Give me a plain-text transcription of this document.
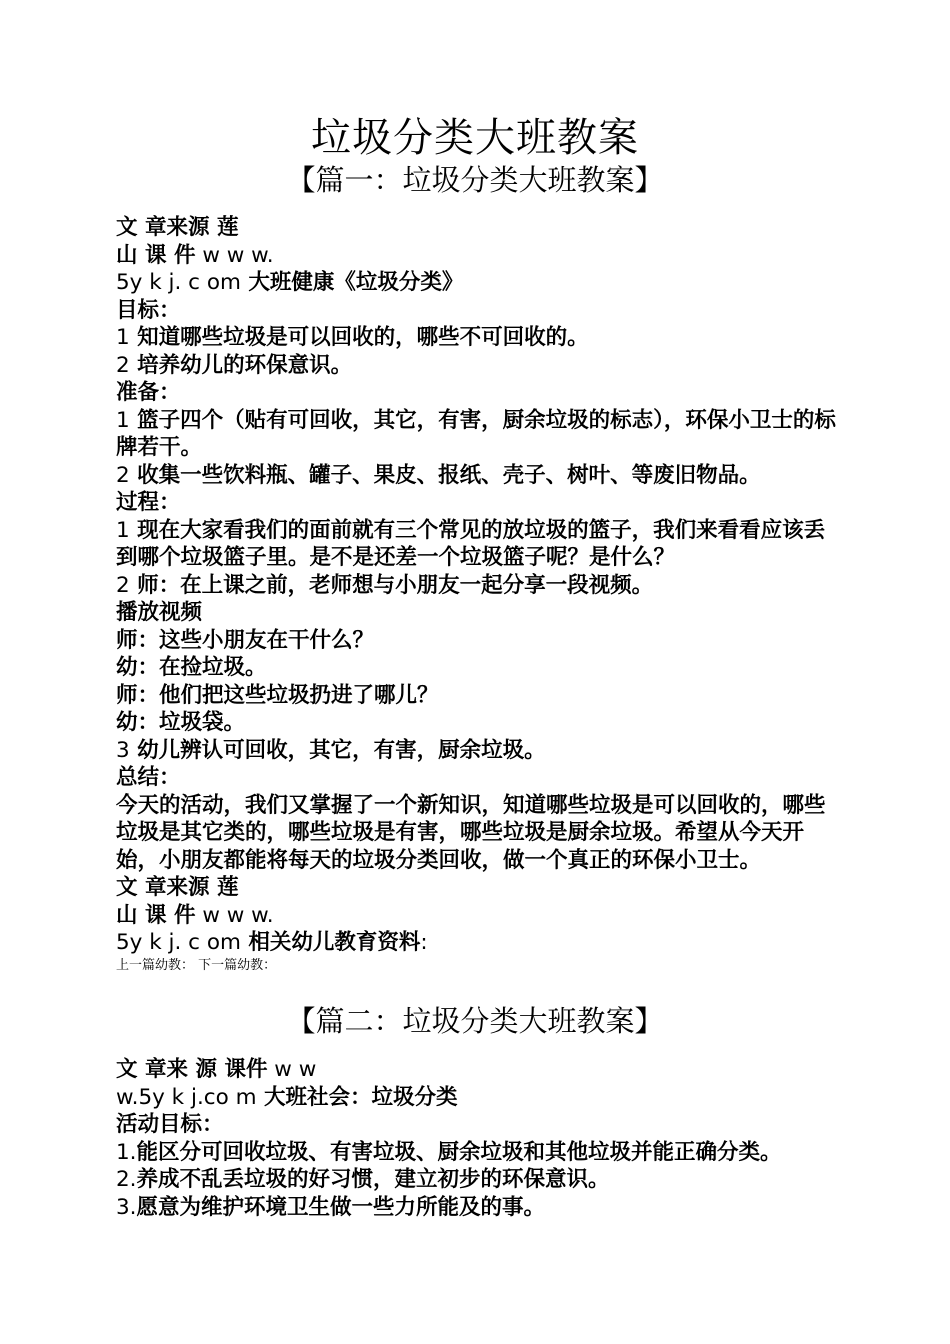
垃圾分类大班教案
【篇一：垃圾分类大班教案】
文 章来源 莲
山 课 件 w w w.
5y k j. c om 大班健康《垃圾分类》
目标：
1 知道哪些垃圾是可以回收的，哪些不可回收的。
2 培养幼儿的环保意识。
准备：
1 篮子四个（贴有可回收，其它，有害，厨余垃圾的标志），环保小卫士的标牌若干。
2 收集一些饮料瓶、罐子、果皮、报纸、壳子、树叶、等废旧物品。
过程：
1 现在大家看我们的面前就有三个常见的放垃圾的篮子，我们来看看应该丢到哪个垃圾篮子里。是不是还差一个垃圾篮子呢？是什么？
2 师：在上课之前，老师想与小朋友一起分享一段视频。
播放视频
师：这些小朋友在干什么？
幼：在捡垃圾。
师：他们把这些垃圾扔进了哪儿？
幼：垃圾袋。
3 幼儿辨认可回收，其它，有害，厨余垃圾。
总结：
今天的活动，我们又掌握了一个新知识，知道哪些垃圾是可以回收的，哪些垃圾是其它类的，哪些垃圾是有害，哪些垃圾是厨余垃圾。希望从今天开始，小朋友都能将每天的垃圾分类回收，做一个真正的环保小卫士。
文 章来源 莲
山 课 件 w w w.
5y k j. c om 相关幼儿教育资料:
上一篇幼教： 下一篇幼教：
【篇二：垃圾分类大班教案】
文 章来 源 课件 w w
w.5y k j.co m 大班社会：垃圾分类
活动目标：
1.能区分可回收垃圾、有害垃圾、厨余垃圾和其他垃圾并能正确分类。
2.养成不乱丢垃圾的好习惯，建立初步的环保意识。
3.愿意为维护环境卫生做一些力所能及的事。
